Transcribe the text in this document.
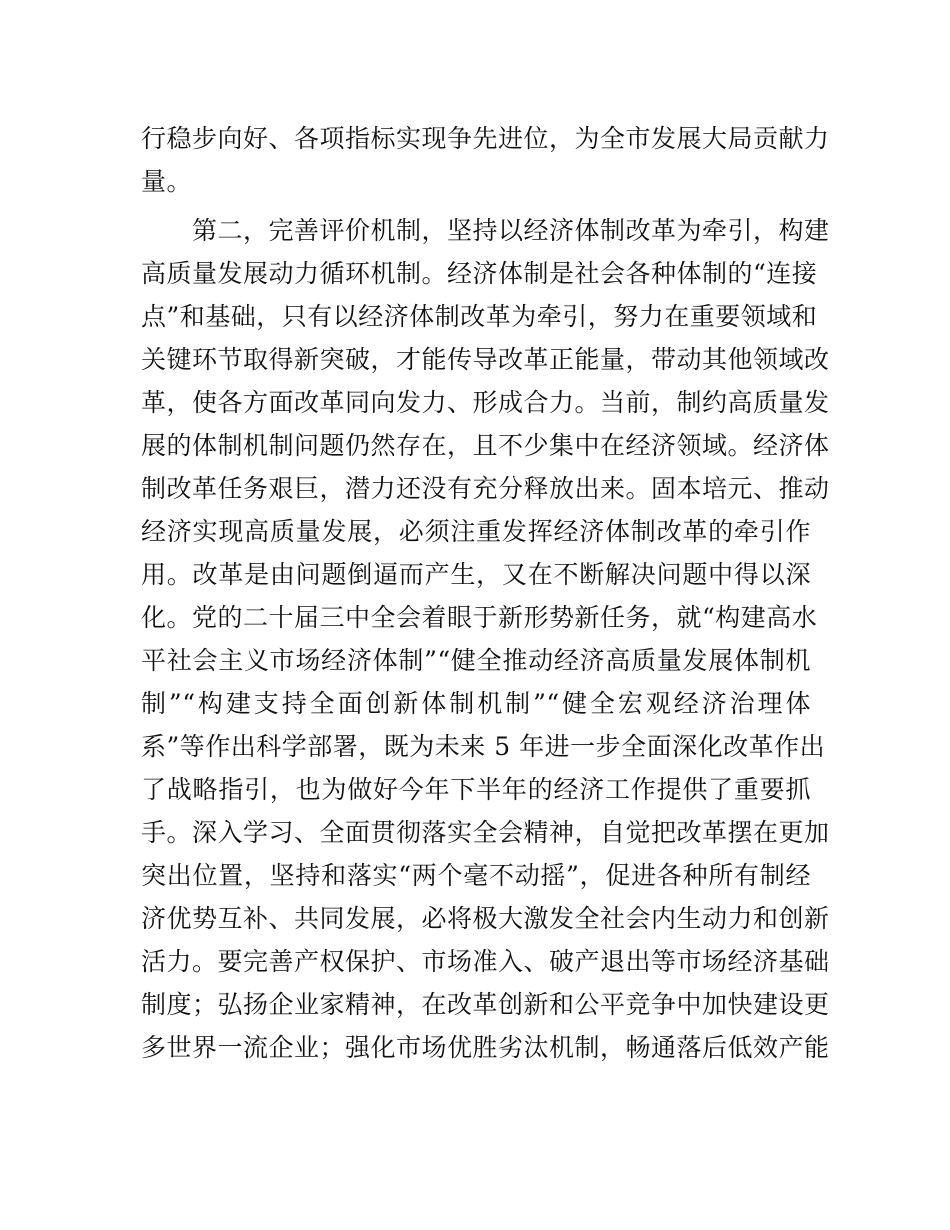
行稳步向好、各项指标实现争先进位，为全市发展大局贡献力
量。
　　第二，完善评价机制，坚持以经济体制改革为牵引，构建
高质量发展动力循环机制。经济体制是社会各种体制的“连接
点”和基础，只有以经济体制改革为牵引，努力在重要领域和
关键环节取得新突破，才能传导改革正能量，带动其他领域改
革，使各方面改革同向发力、形成合力。当前，制约高质量发
展的体制机制问题仍然存在，且不少集中在经济领域。经济体
制改革任务艰巨，潜力还没有充分释放出来。固本培元、推动
经济实现高质量发展，必须注重发挥经济体制改革的牵引作
用。改革是由问题倒逼而产生，又在不断解决问题中得以深
化。党的二十届三中全会着眼于新形势新任务，就“构建高水
平社会主义市场经济体制”“健全推动经济高质量发展体制机
制”“构建支持全面创新体制机制”“健全宏观经济治理体
系”等作出科学部署，既为未来 5 年进一步全面深化改革作出
了战略指引，也为做好今年下半年的经济工作提供了重要抓
手。深入学习、全面贯彻落实全会精神，自觉把改革摆在更加
突出位置，坚持和落实“两个毫不动摇”，促进各种所有制经
济优势互补、共同发展，必将极大激发全社会内生动力和创新
活力。要完善产权保护、市场准入、破产退出等市场经济基础
制度；弘扬企业家精神，在改革创新和公平竞争中加快建设更
多世界一流企业；强化市场优胜劣汰机制，畅通落后低效产能
